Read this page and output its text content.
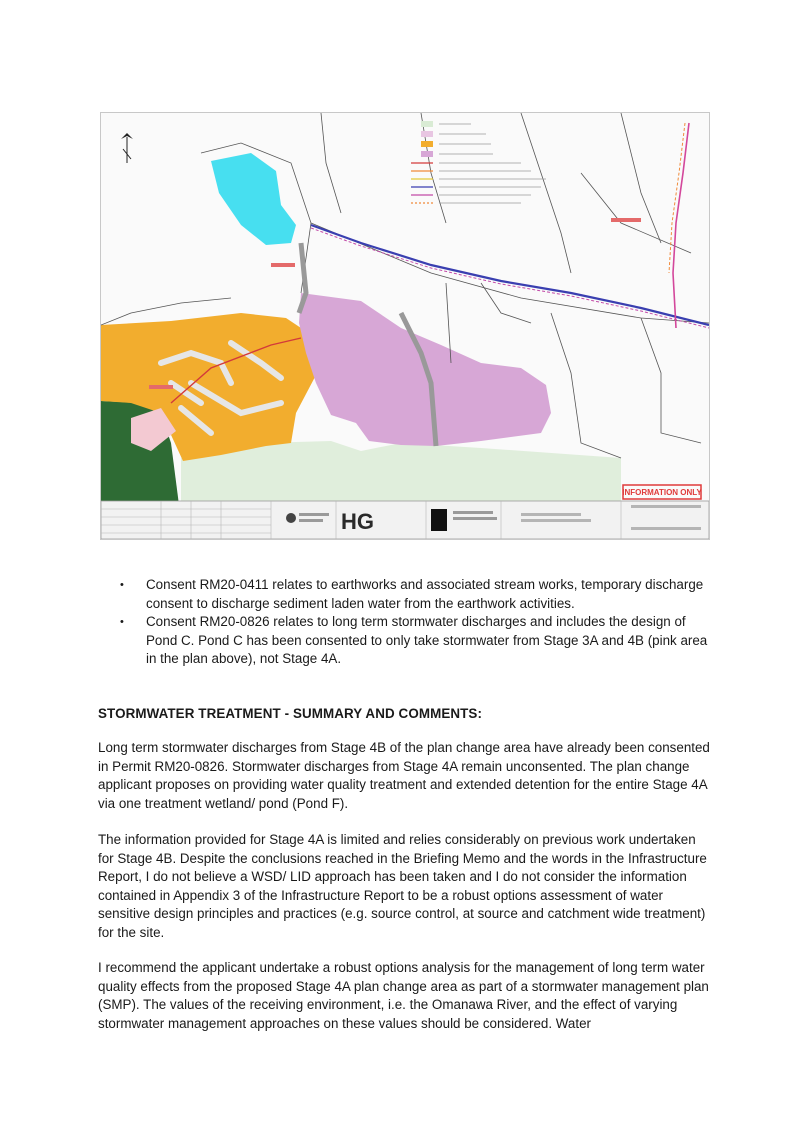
HG
INFORMATION ONLY
• Consent RM20-0411 relates to earthworks and associated stream works, temporary discharge consent to discharge sediment laden water from the earthwork activities.
• Consent RM20-0826 relates to long term stormwater discharges and includes the design of Pond C. Pond C has been consented to only take stormwater from Stage 3A and 4B (pink area in the plan above), not Stage 4A.
STORMWATER TREATMENT - SUMMARY AND COMMENTS:

Long term stormwater discharges from Stage 4B of the plan change area have already been consented in Permit RM20-0826. Stormwater discharges from Stage 4A remain unconsented. The plan change applicant proposes on providing water quality treatment and extended detention for the entire Stage 4A via one treatment wetland/ pond (Pond F).

The information provided for Stage 4A is limited and relies considerably on previous work undertaken for Stage 4B. Despite the conclusions reached in the Briefing Memo and the words in the Infrastructure Report, I do not believe a WSD/ LID approach has been taken and I do not consider the information contained in Appendix 3 of the Infrastructure Report to be a robust options assessment of water sensitive design principles and practices (e.g. source control, at source and catchment wide treatment) for the site.

I recommend the applicant undertake a robust options analysis for the management of long term water quality effects from the proposed Stage 4A plan change area as part of a stormwater management plan (SMP). The values of the receiving environment, i.e. the Omanawa River, and the effect of varying stormwater management approaches on these values should be considered. Water
